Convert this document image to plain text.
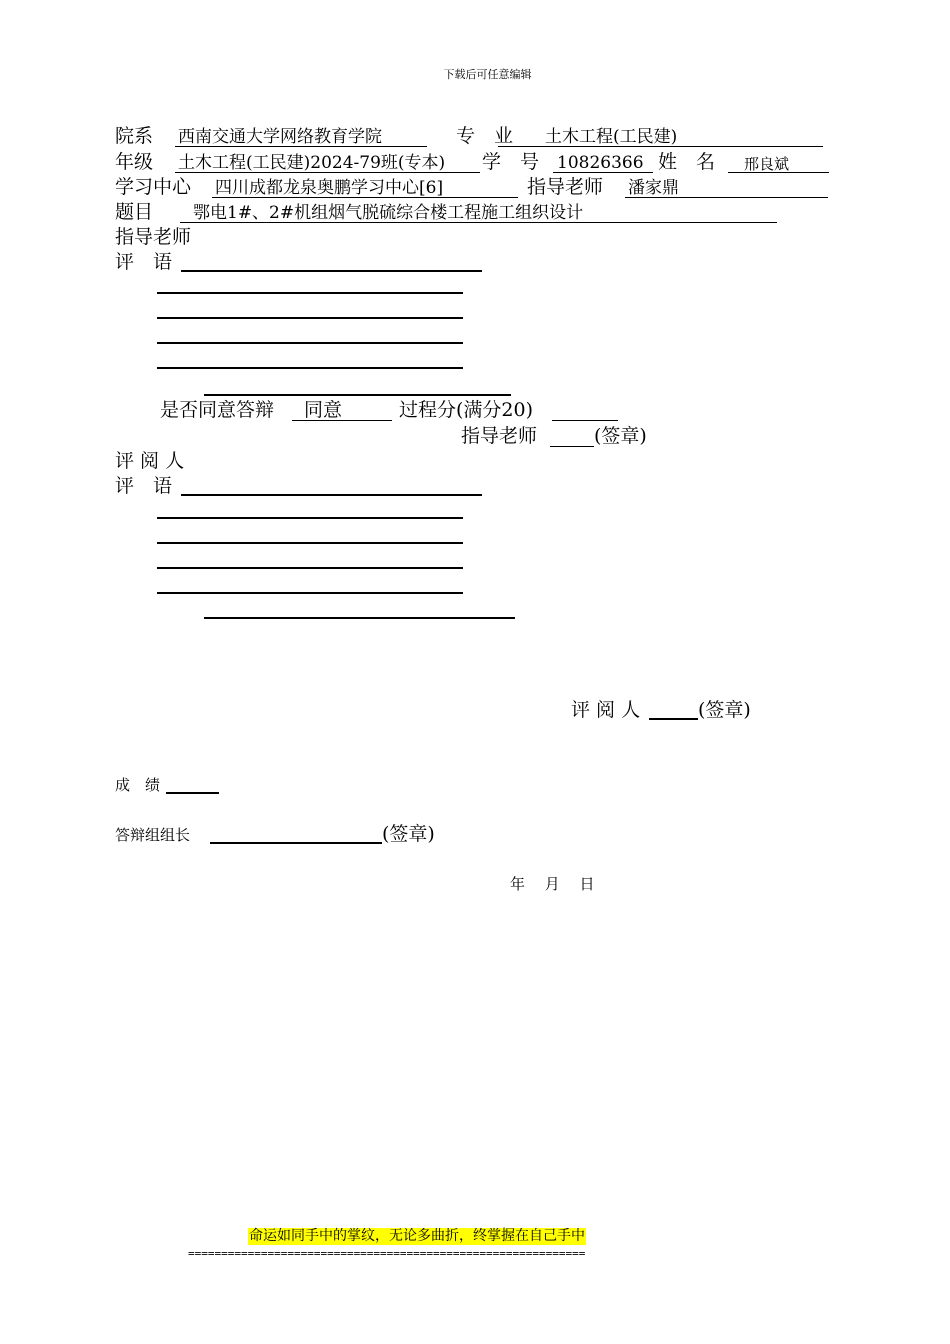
下载后可任意编辑
院系 西南交通大学网络教育学院	专　业 土木工程(工民建)
年级 土木工程(工民建)2024-79班(专本) 学　号 10826366 姓　名 邢良斌
学习中心 四川成都龙泉奥鹏学习中心[6]	指导老师 潘家鼎
题目 鄂电1#、2#机组烟气脱硫综合楼工程施工组织设计
指导老师
评　语
是否同意答辩 同意	过程分(满分20)
指导老师	(签章)
评 阅 人
评　语
评 阅 人	(签章)
成　绩
答辩组组长	(签章)
年　 月　 日
命运如同手中的掌纹，无论多曲折，终掌握在自己手中
============================================================
